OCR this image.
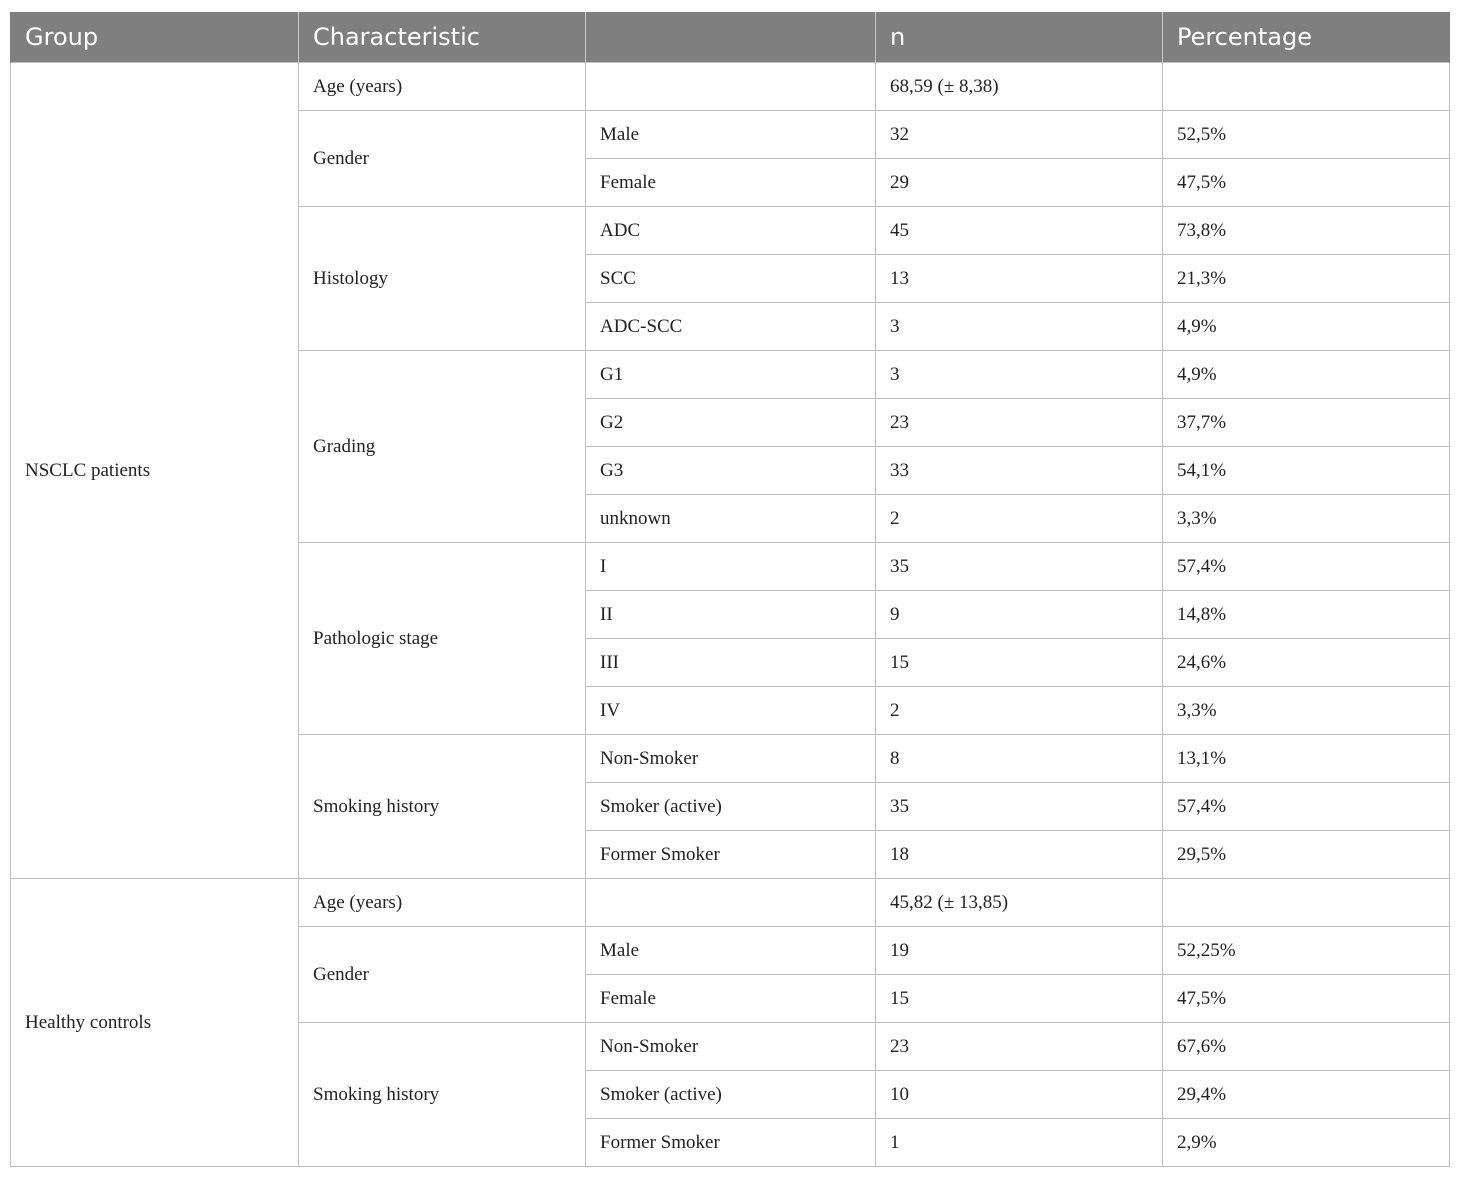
Group	Characteristic		n	Percentage
NSCLC patients	Age (years)		68,59 (± 8,38)	
	Gender	Male	32	52,5%
		Female	29	47,5%
	Histology	ADC	45	73,8%
		SCC	13	21,3%
		ADC-SCC	3	4,9%
	Grading	G1	3	4,9%
		G2	23	37,7%
		G3	33	54,1%
		unknown	2	3,3%
	Pathologic stage	I	35	57,4%
		II	9	14,8%
		III	15	24,6%
		IV	2	3,3%
	Smoking history	Non-Smoker	8	13,1%
		Smoker (active)	35	57,4%
		Former Smoker	18	29,5%
Healthy controls	Age (years)		45,82 (± 13,85)	
	Gender	Male	19	52,25%
		Female	15	47,5%
	Smoking history	Non-Smoker	23	67,6%
		Smoker (active)	10	29,4%
		Former Smoker	1	2,9%
